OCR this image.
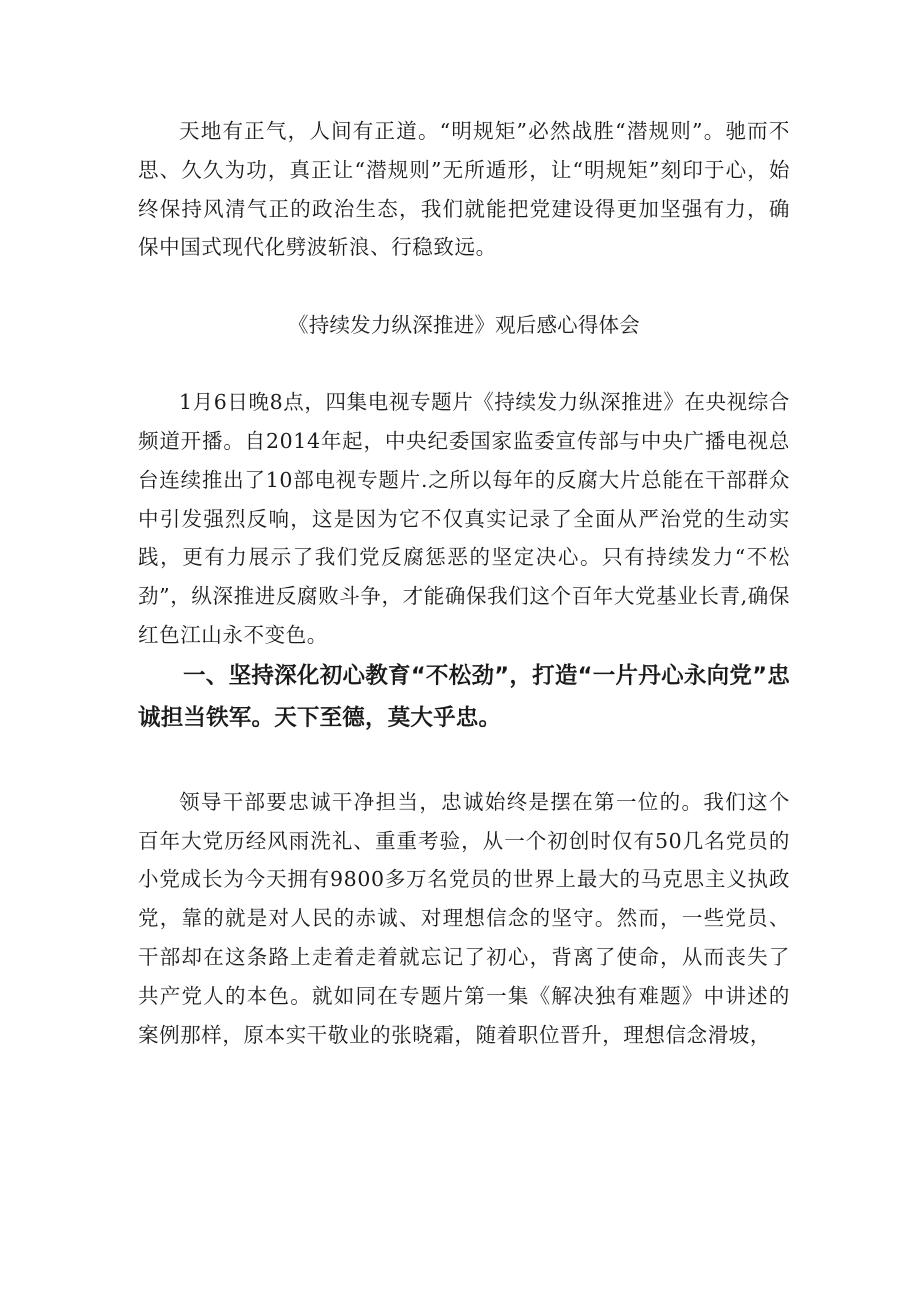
天地有正气，人间有正道。“明规矩”必然战胜“潜规则”。驰而不思、久久为功，真正让“潜规则”无所遁形，让“明规矩”刻印于心，始终保持风清气正的政治生态，我们就能把党建设得更加坚强有力，确保中国式现代化劈波斩浪、行稳致远。

《持续发力纵深推进》观后感心得体会

1月6日晚8点，四集电视专题片《持续发力纵深推进》在央视综合频道开播。自2014年起，中央纪委国家监委宣传部与中央广播电视总台连续推出了10部电视专题片.之所以每年的反腐大片总能在干部群众中引发强烈反响，这是因为它不仅真实记录了全面从严治党的生动实践，更有力展示了我们党反腐惩恶的坚定决心。只有持续发力“不松劲”，纵深推进反腐败斗争，才能确保我们这个百年大党基业长青,确保红色江山永不变色。

一、坚持深化初心教育“不松劲”，打造“一片丹心永向党”忠诚担当铁军。天下至德，莫大乎忠。

领导干部要忠诚干净担当，忠诚始终是摆在第一位的。我们这个百年大党历经风雨洗礼、重重考验，从一个初创时仅有50几名党员的小党成长为今天拥有9800多万名党员的世界上最大的马克思主义执政党，靠的就是对人民的赤诚、对理想信念的坚守。然而，一些党员、干部却在这条路上走着走着就忘记了初心，背离了使命，从而丧失了共产党人的本色。就如同在专题片第一集《解决独有难题》中讲述的案例那样，原本实干敬业的张晓霜，随着职位晋升，理想信念滑坡，
